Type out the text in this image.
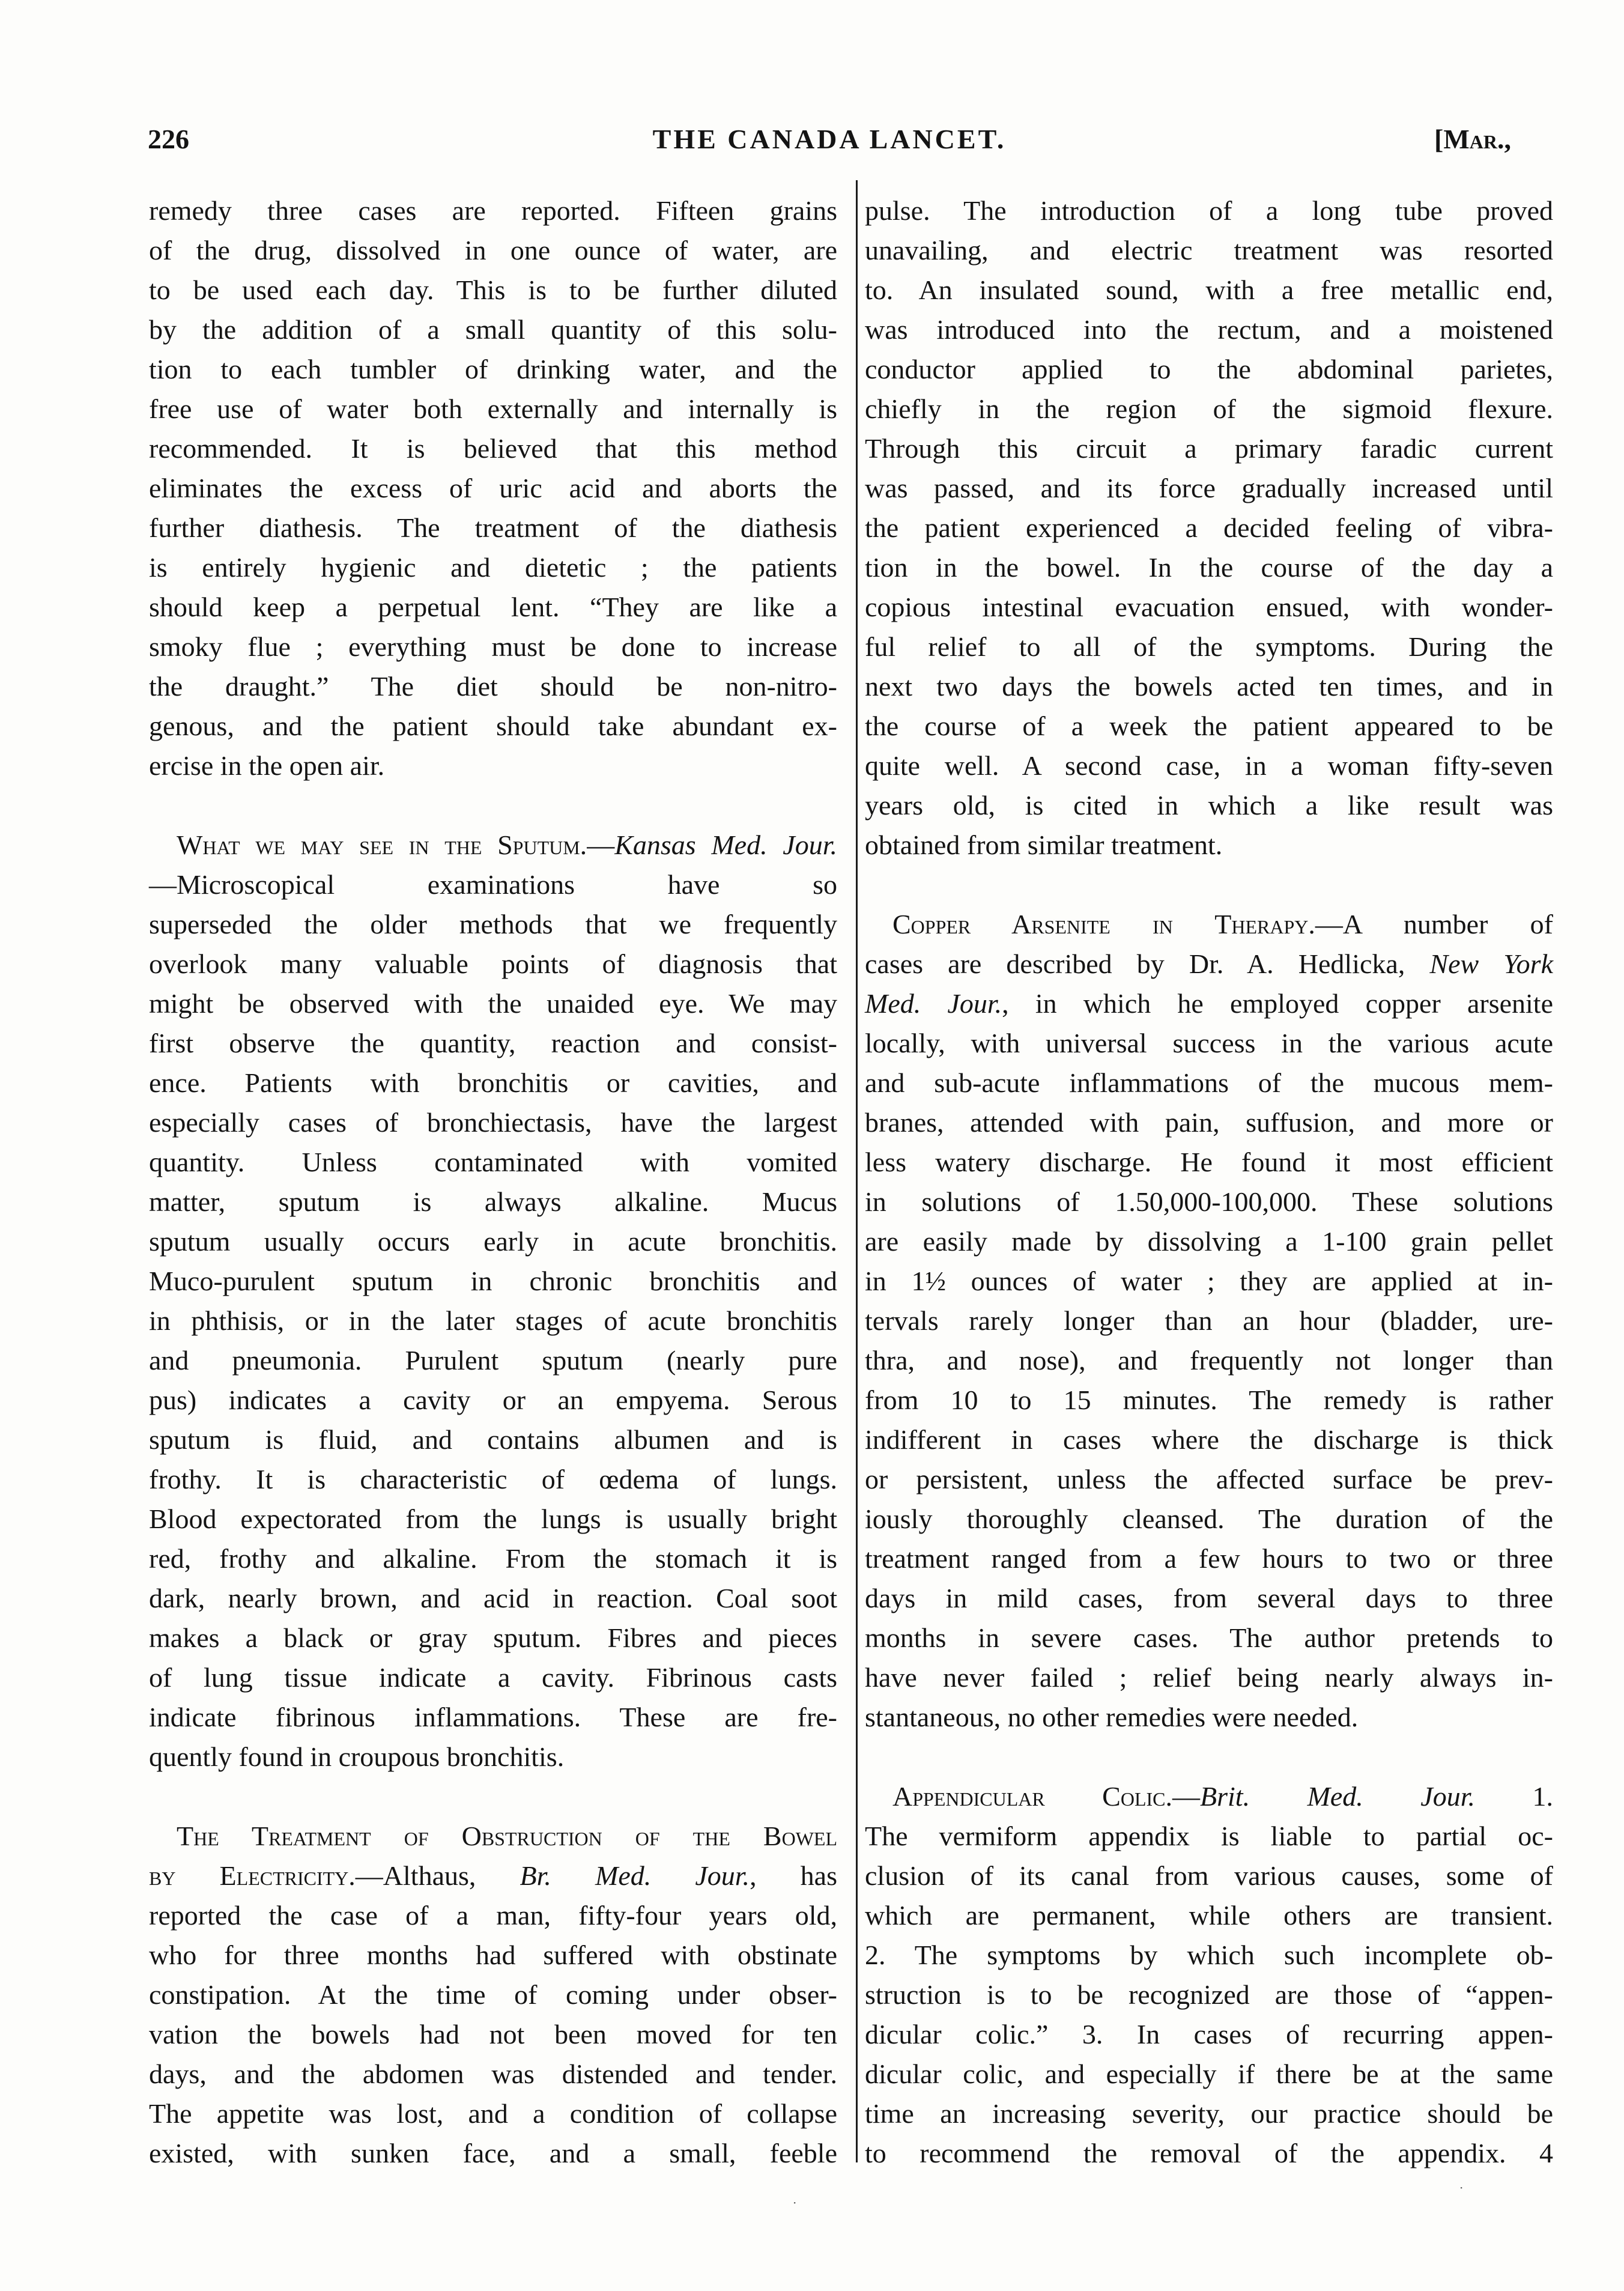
226	THE CANADA LANCET.	[Mar.,
remedy three cases are reported. Fifteen grains
of the drug, dissolved in one ounce of water, are
to be used each day. This is to be further diluted
by the addition of a small quantity of this solu-
tion to each tumbler of drinking water, and the
free use of water both externally and internally is
recommended. It is believed that this method
eliminates the excess of uric acid and aborts the
further diathesis. The treatment of the diathesis
is entirely hygienic and dietetic ; the patients
should keep a perpetual lent. “They are like a
smoky flue ; everything must be done to increase
the draught.” The diet should be non-nitro-
genous, and the patient should take abundant ex-
ercise in the open air.
 What we may see in the Sputum.—Kansas Med. Jour.
—Microscopical examinations have so
superseded the older methods that we frequently
overlook many valuable points of diagnosis that
might be observed with the unaided eye. We may
first observe the quantity, reaction and consist-
ence. Patients with bronchitis or cavities, and
especially cases of bronchiectasis, have the largest
quantity. Unless contaminated with vomited
matter, sputum is always alkaline. Mucus
sputum usually occurs early in acute bronchitis.
Muco-purulent sputum in chronic bronchitis and
in phthisis, or in the later stages of acute bronchitis
and pneumonia. Purulent sputum (nearly pure
pus) indicates a cavity or an empyema. Serous
sputum is fluid, and contains albumen and is
frothy. It is characteristic of œdema of lungs.
Blood expectorated from the lungs is usually bright
red, frothy and alkaline. From the stomach it is
dark, nearly brown, and acid in reaction. Coal soot
makes a black or gray sputum. Fibres and pieces
of lung tissue indicate a cavity. Fibrinous casts
indicate fibrinous inflammations. These are fre-
quently found in croupous bronchitis.
 The Treatment of Obstruction of the Bowel
by Electricity.—Althaus, Br. Med. Jour., has
reported the case of a man, fifty-four years old,
who for three months had suffered with obstinate
constipation. At the time of coming under obser-
vation the bowels had not been moved for ten
days, and the abdomen was distended and tender.
The appetite was lost, and a condition of collapse
existed, with sunken face, and a small, feeble
pulse. The introduction of a long tube proved
unavailing, and electric treatment was resorted
to. An insulated sound, with a free metallic end,
was introduced into the rectum, and a moistened
conductor applied to the abdominal parietes,
chiefly in the region of the sigmoid flexure.
Through this circuit a primary faradic current
was passed, and its force gradually increased until
the patient experienced a decided feeling of vibra-
tion in the bowel. In the course of the day a
copious intestinal evacuation ensued, with wonder-
ful relief to all of the symptoms. During the
next two days the bowels acted ten times, and in
the course of a week the patient appeared to be
quite well. A second case, in a woman fifty-seven
years old, is cited in which a like result was
obtained from similar treatment.
 Copper Arsenite in Therapy.—A number of
cases are described by Dr. A. Hedlicka, New York
Med. Jour., in which he employed copper arsenite
locally, with universal success in the various acute
and sub-acute inflammations of the mucous mem-
branes, attended with pain, suffusion, and more or
less watery discharge. He found it most efficient
in solutions of 1.50,000-100,000. These solutions
are easily made by dissolving a 1-100 grain pellet
in 1½ ounces of water ; they are applied at in-
tervals rarely longer than an hour (bladder, ure-
thra, and nose), and frequently not longer than
from 10 to 15 minutes. The remedy is rather
indifferent in cases where the discharge is thick
or persistent, unless the affected surface be prev-
iously thoroughly cleansed. The duration of the
treatment ranged from a few hours to two or three
days in mild cases, from several days to three
months in severe cases. The author pretends to
have never failed ; relief being nearly always in-
stantaneous, no other remedies were needed.
 Appendicular Colic.—Brit. Med. Jour. 1.
The vermiform appendix is liable to partial oc-
clusion of its canal from various causes, some of
which are permanent, while others are transient.
2. The symptoms by which such incomplete ob-
struction is to be recognized are those of “appen-
dicular colic.” 3. In cases of recurring appen-
dicular colic, and especially if there be at the same
time an increasing severity, our practice should be
to recommend the removal of the appendix. 4
·
·
